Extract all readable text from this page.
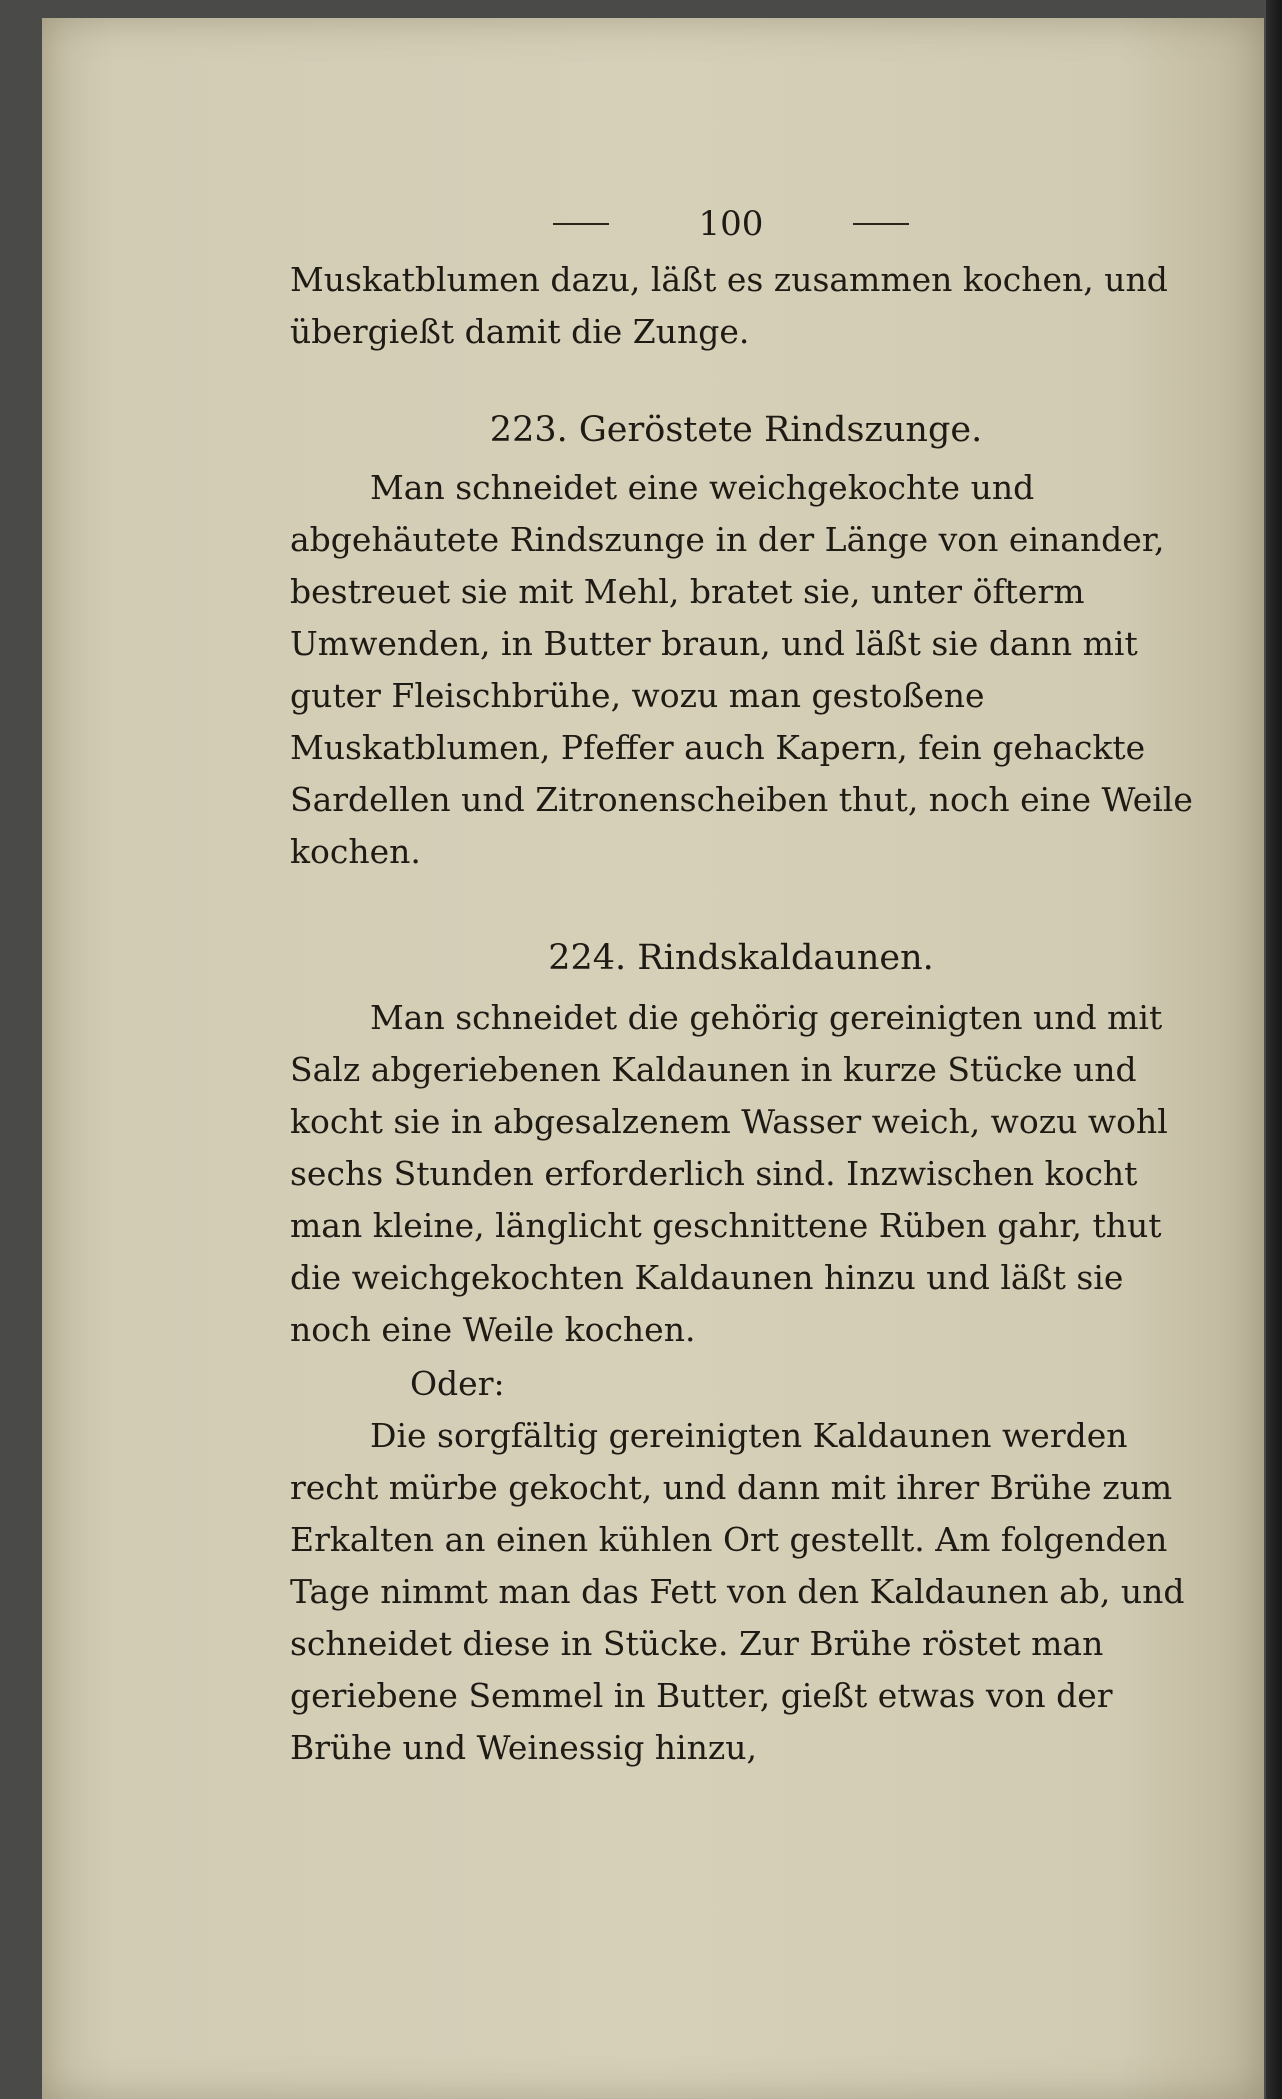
100

Muskatblumen dazu, läßt es zusammen kochen, und übergießt damit die Zunge.

223. Geröstete Rindszunge.

Man schneidet eine weichgekochte und abgehäutete Rindszunge in der Länge von einander, bestreuet sie mit Mehl, bratet sie, unter öfterm Umwenden, in Butter braun, und läßt sie dann mit guter Fleischbrühe, wozu man gestoßene Muskatblumen, Pfeffer auch Kapern, fein gehackte Sardellen und Zitronenscheiben thut, noch eine Weile kochen.

224. Rindskaldaunen.

Man schneidet die gehörig gereinigten und mit Salz abgeriebenen Kaldaunen in kurze Stücke und kocht sie in abgesalzenem Wasser weich, wozu wohl sechs Stunden erforderlich sind. Inzwischen kocht man kleine, länglicht geschnittene Rüben gahr, thut die weichgekochten Kaldaunen hinzu und läßt sie noch eine Weile kochen.

Oder:

Die sorgfältig gereinigten Kaldaunen werden recht mürbe gekocht, und dann mit ihrer Brühe zum Erkalten an einen kühlen Ort gestellt. Am folgenden Tage nimmt man das Fett von den Kaldaunen ab, und schneidet diese in Stücke. Zur Brühe röstet man geriebene Semmel in Butter, gießt etwas von der Brühe und Weinessig hinzu,
